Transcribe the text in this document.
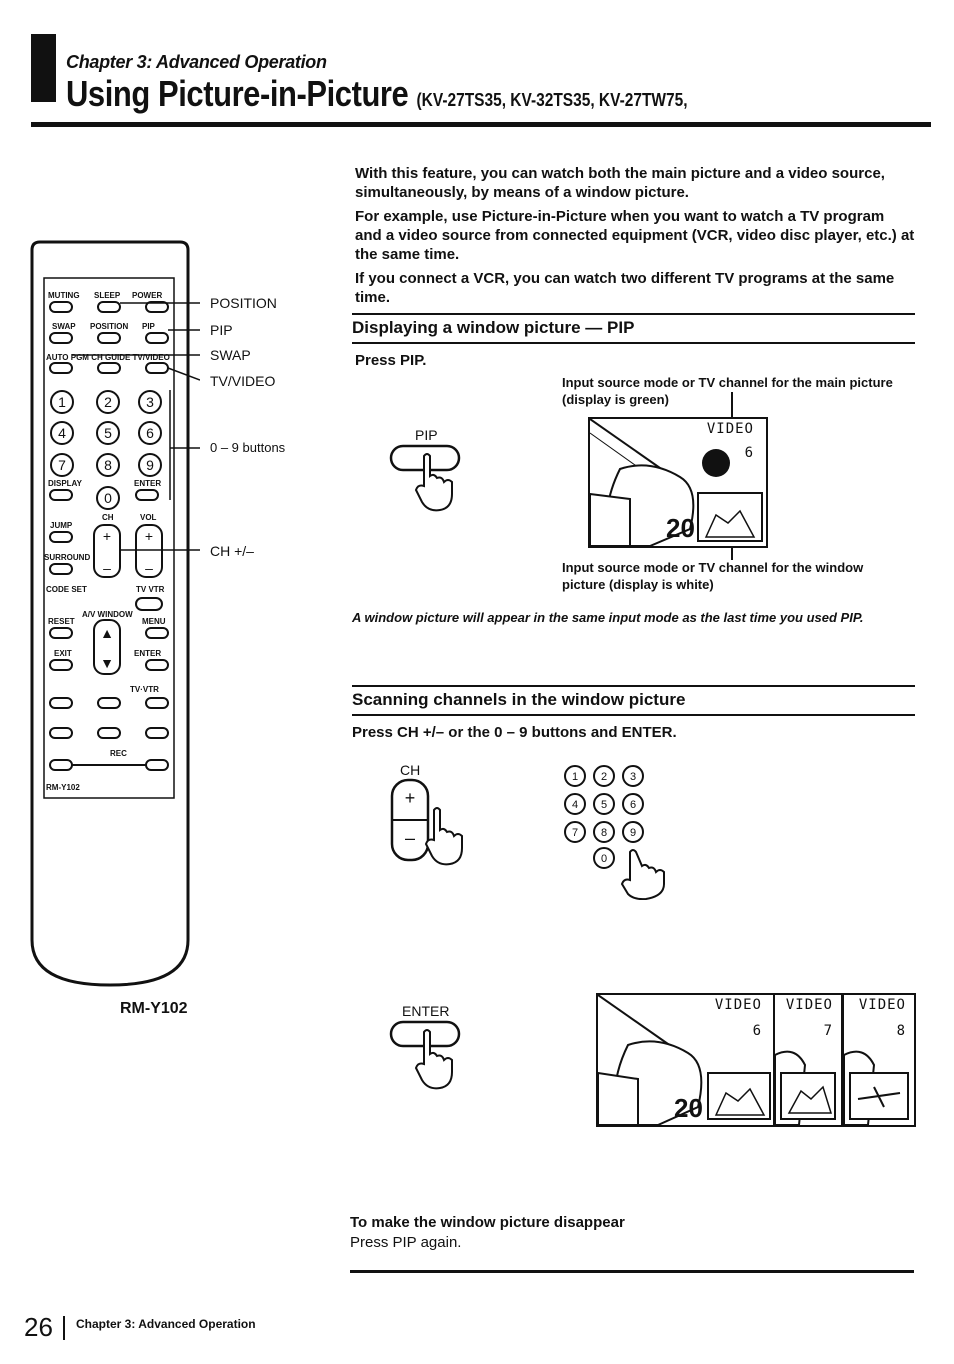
Chapter 3: Advanced Operation
Using Picture-in-Picture (KV-27TS35, KV-32TS35, KV-27TW75,
With this feature, you can watch both the main picture and a video source, simultaneously, by means of a window picture.
For example, use Picture-in-Picture when you want to watch a TV program and a video source from connected equipment (VCR, video disc player, etc.) at the same time.
If you connect a VCR, you can watch two different TV programs at the same time.
MUTING SLEEP POWER
SWAP POSITION PIP
AUTO PGM CH GUIDE TV/VIDEO
1	2 3
4	5 6
7	8 9
0
DISPLAY	ENTER
CH	VOL
JUMP
SURROUND
CODE SET	TV VTR
RESET
A/V WINDOW
MENU
EXIT	ENTER
TV·VTR
REC
RM-Y102
+
–
+
–
▲
▼
POSITION
PIP
SWAP
TV/VIDEO
0 – 9 buttons
CH +/–
RM-Y102
Displaying a window picture — PIP
Press PIP.
PIP
Input source mode or TV channel for the main picture (display is green)
20
VIDEO
6
Input source mode or TV channel for the window picture (display is white)
A window picture will appear in the same input mode as the last time you used PIP.
Scanning channels in the window picture
Press CH +/– or the 0 – 9 buttons and ENTER.
CH
+
–
1 2 3
4 5 6
7 8 9
0
ENTER
20
VIDEO
6
VIDEO
7
VIDEO
8
To make the window picture disappear
Press PIP again.
26 Chapter 3: Advanced Operation
